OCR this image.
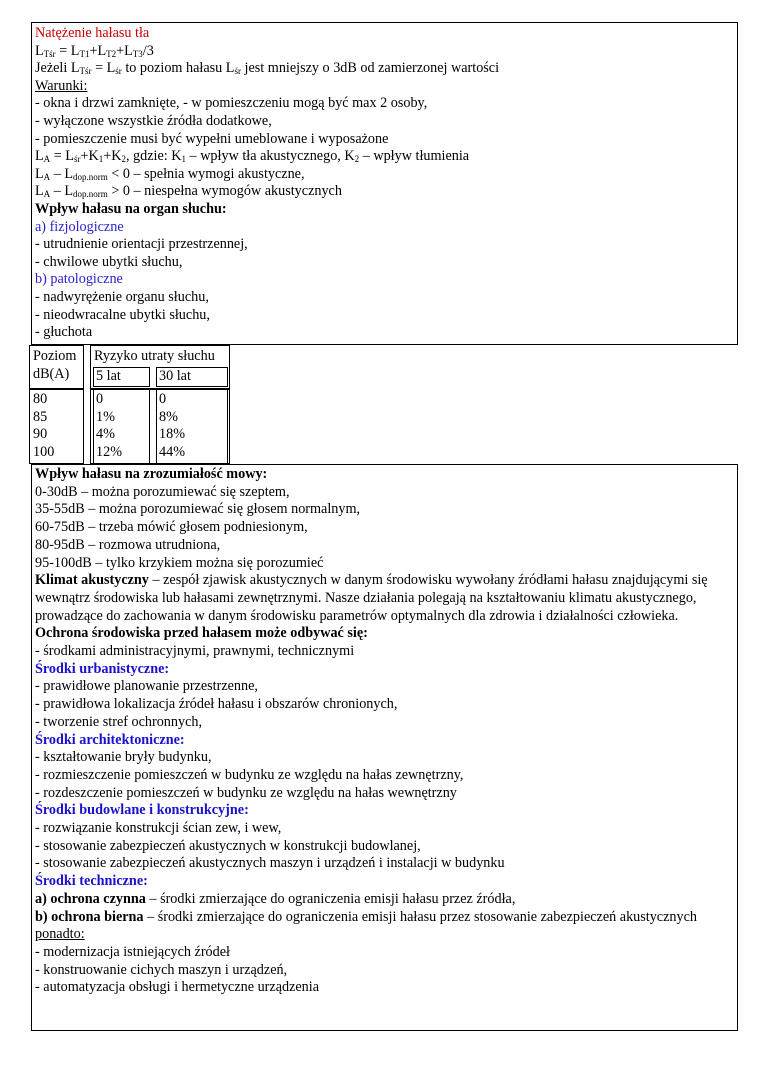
Natężenie hałasu tła
$L_{Tśr} = L_{T1}+L_{T2}+L_{T3}/3$
Jeżeli $L_{Tśr} = L_{śr}$ to poziom hałasu $L_{śr}$ jest mniejszy o 3dB od zamierzonej wartości
Warunki:
- okna i drzwi zamknięte, - w pomieszczeniu mogą być max 2 osoby,
- wyłączone wszystkie źródła dodatkowe,
- pomieszczenie musi być wypełni umeblowane i wyposażone
$L_A = L_{śr}+K_1+K_2$, gdzie: $K_1$ – wpływ tła akustycznego, $K_2$ – wpływ tłumienia
$L_A - L_{dop.norm} < 0$ – spełnia wymogi akustyczne,
$L_A - L_{dop.norm} > 0$ – niespełna wymogów akustycznych
Wpływ hałasu na organ słuchu:
a) fizjologiczne
- utrudnienie orientacji przestrzennej,
- chwilowe ubytki słuchu,
b) patologiczne
- nadwyrężenie organu słuchu,
- nieodwracalne ubytki słuchu,
- głuchota
Poziom
dB(A)
Ryzyko utraty słuchu
5 lat	30 lat
80
85
90
100
0
1%
4%
12%
0
8%
18%
44%
Wpływ hałasu na zrozumiałość mowy:
0-30dB – można porozumiewać się szeptem,
35-55dB – można porozumiewać się głosem normalnym,
60-75dB – trzeba mówić głosem podniesionym,
80-95dB – rozmowa utrudniona,
95-100dB – tylko krzykiem można się porozumieć
Klimat akustyczny – zespół zjawisk akustycznych w danym środowisku wywołany źródłami hałasu znajdującymi się wewnątrz środowiska lub hałasami zewnętrznymi. Nasze działania polegają na kształtowaniu klimatu akustycznego, prowadzące do zachowania w danym środowisku parametrów optymalnych dla zdrowia i działalności człowieka.
Ochrona środowiska przed hałasem może odbywać się:
- środkami administracyjnymi, prawnymi, technicznymi
Środki urbanistyczne:
- prawidłowe planowanie przestrzenne,
- prawidłowa lokalizacja źródeł hałasu i obszarów chronionych,
- tworzenie stref ochronnych,
Środki architektoniczne:
- kształtowanie bryły budynku,
- rozmieszczenie pomieszczeń w budynku ze względu na hałas zewnętrzny,
- rozdeszczenie pomieszczeń w budynku ze względu na hałas wewnętrzny
Środki budowlane i konstrukcyjne:
- rozwiązanie konstrukcji ścian zew, i wew,
- stosowanie zabezpieczeń akustycznych w konstrukcji budowlanej,
- stosowanie zabezpieczeń akustycznych maszyn i urządzeń i instalacji w budynku
Środki techniczne:
a) ochrona czynna – środki zmierzające do ograniczenia emisji hałasu przez źródła,
b) ochrona bierna – środki zmierzające do ograniczenia emisji hałasu przez stosowanie zabezpieczeń akustycznych
ponadto:
- modernizacja istniejących źródeł
- konstruowanie cichych maszyn i urządzeń,
- automatyzacja obsługi i hermetyczne urządzenia
